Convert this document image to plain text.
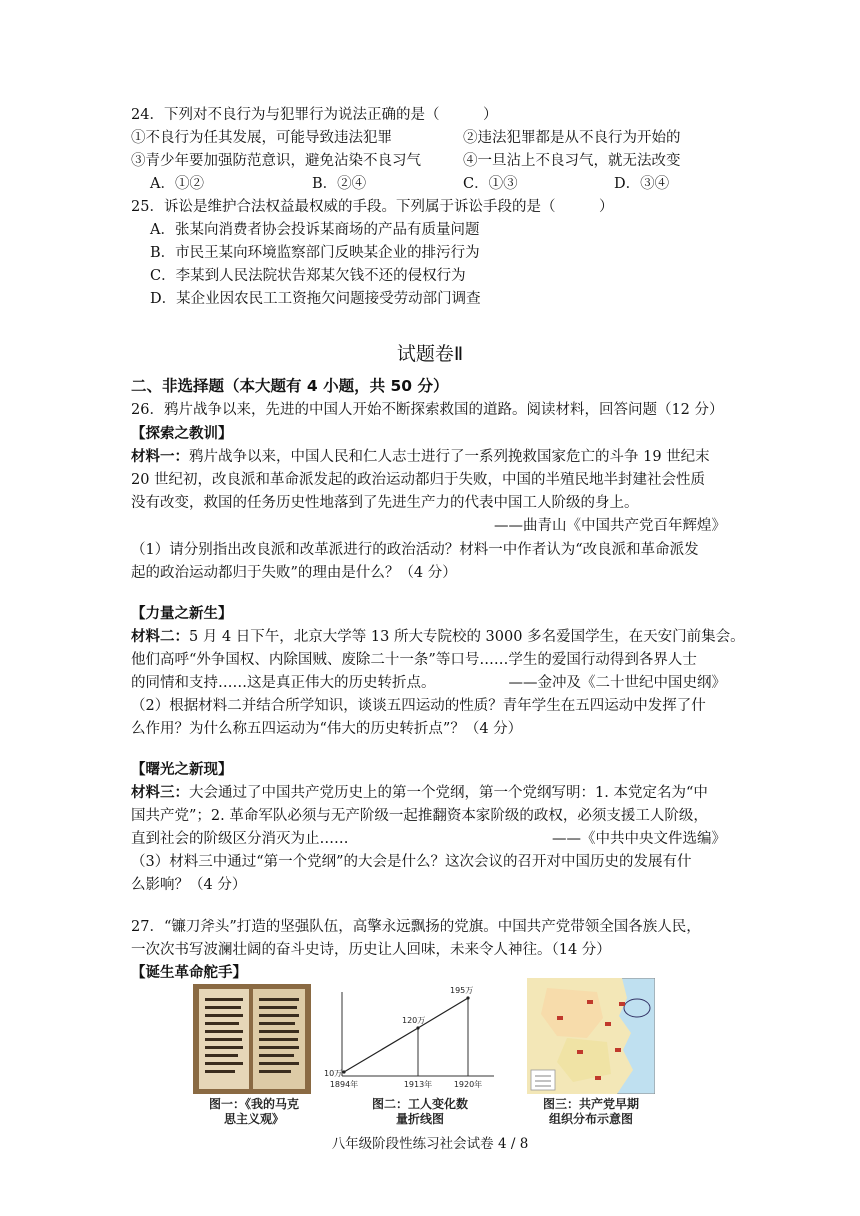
24．下列对不良行为与犯罪行为说法正确的是（　　　）
①不良行为任其发展，可能导致违法犯罪	②违法犯罪都是从不良行为开始的
③青少年要加强防范意识，避免沾染不良习气	④一旦沾上不良习气，就无法改变
A．①②	B．②④	C．①③	D．③④
25．诉讼是维护合法权益最权威的手段。下列属于诉讼手段的是（　　　）
A．张某向消费者协会投诉某商场的产品有质量问题
B．市民王某向环境监察部门反映某企业的排污行为
C．李某到人民法院状告郑某欠钱不还的侵权行为
D．某企业因农民工工资拖欠问题接受劳动部门调查
试题卷Ⅱ
二、非选择题（本大题有 4 小题，共 50 分）
26．鸦片战争以来，先进的中国人开始不断探索救国的道路。阅读材料，回答问题（12 分）
【探索之教训】
材料一：鸦片战争以来，中国人民和仁人志士进行了一系列挽救国家危亡的斗争 19 世纪末
20 世纪初，改良派和革命派发起的政治运动都归于失败，中国的半殖民地半封建社会性质
没有改变，救国的任务历史性地落到了先进生产力的代表中国工人阶级的身上。
——曲青山《中国共产党百年辉煌》
（1）请分别指出改良派和改革派进行的政治活动？材料一中作者认为“改良派和革命派发
起的政治运动都归于失败”的理由是什么？（4 分）
【力量之新生】
材料二：5 月 4 日下午，北京大学等 13 所大专院校的 3000 多名爱国学生，在天安门前集会。
他们高呼“外争国权、内除国贼、废除二十一条”等口号……学生的爱国行动得到各界人士
的同情和支持……这是真正伟大的历史转折点。	——金冲及《二十世纪中国史纲》
（2）根据材料二并结合所学知识，谈谈五四运动的性质？青年学生在五四运动中发挥了什
么作用？为什么称五四运动为“伟大的历史转折点”？（4 分）
【曙光之新现】
材料三：大会通过了中国共产党历史上的第一个党纲，第一个党纲写明：1. 本党定名为“中
国共产党”；2. 革命军队必须与无产阶级一起推翻资本家阶级的政权，必须支援工人阶级，
直到社会的阶级区分消灭为止……	——《中共中央文件选编》
（3）材料三中通过“第一个党纲”的大会是什么？这次会议的召开对中国历史的发展有什
么影响？（4 分）
27．“镰刀斧头”打造的坚强队伍，高擎永远飘扬的党旗。中国共产党带领全国各族人民，
一次次书写波澜壮阔的奋斗史诗，历史让人回味，未来令人神往。（14 分）
【诞生革命舵手】
10万
120万
195万
1894年	1913年	1920年
图一：《我的马克
思主义观》
图二：工人变化数
量折线图
图三：共产党早期
组织分布示意图
八年级阶段性练习社会试卷 4 / 8
